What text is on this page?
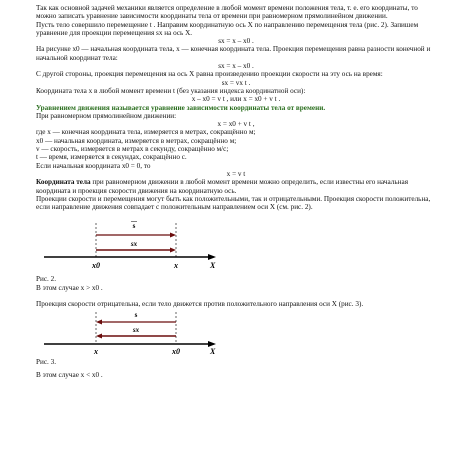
Так как основной задачей механики является определение в любой момент времени положения тела, т. е. его координаты, то можно записать уравнение зависимости координаты тела от времени при равномерном прямолинейном движении.

Пусть тело совершило перемещение t . Направим координатную ось X по направлению перемещения тела (рис. 2). Запишем уравнение для проекции перемещения sx на ось X.

sx = x – x0 .

На рисунке x0 — начальная координата тела, x — конечная координата тела. Проекция перемещения равна разности конечной и начальной координат тела:

sx = x – x0 .

С другой стороны, проекция перемещения на ось X равна произведению проекции скорости на эту ось на время:

sx = vx t .

Координата тела x в любой момент времени t (без указания индекса координатной оси):

x – x0 = v t , или x = x0 + v t .

Уравнением движения называется уравнение зависимости координаты тела от времени.

При равномерном прямолинейном движении:

x = x0 + v t ,

где x — конечная координата тела, измеряется в метрах, сокращённо м;

x0 — начальная координата, измеряется в метрах, сокращённо м;

v — скорость, измеряется в метрах в секунду, сокращённо м/с;

t — время, измеряется в секундах, сокращённо с.

Если начальная координата x0 = 0, то

x = v t

Координата тела при равномерном движении в любой момент времени можно определить, если известны его начальная координата и проекция скорости движения на координатную ось.

Проекции скорости и перемещения могут быть как положительными, так и отрицательными. Проекция скорости положительна, если направление движения совпадает с положительным направлением оси X (см. рис. 2).

s
sx
x0	x	X

Рис. 2.

В этом случае x > x0 .

Проекция скорости отрицательна, если тело движется против положительного направления оси X (рис. 3).

s
sx
x	x0	X

Рис. 3.

В этом случае x < x0 .
